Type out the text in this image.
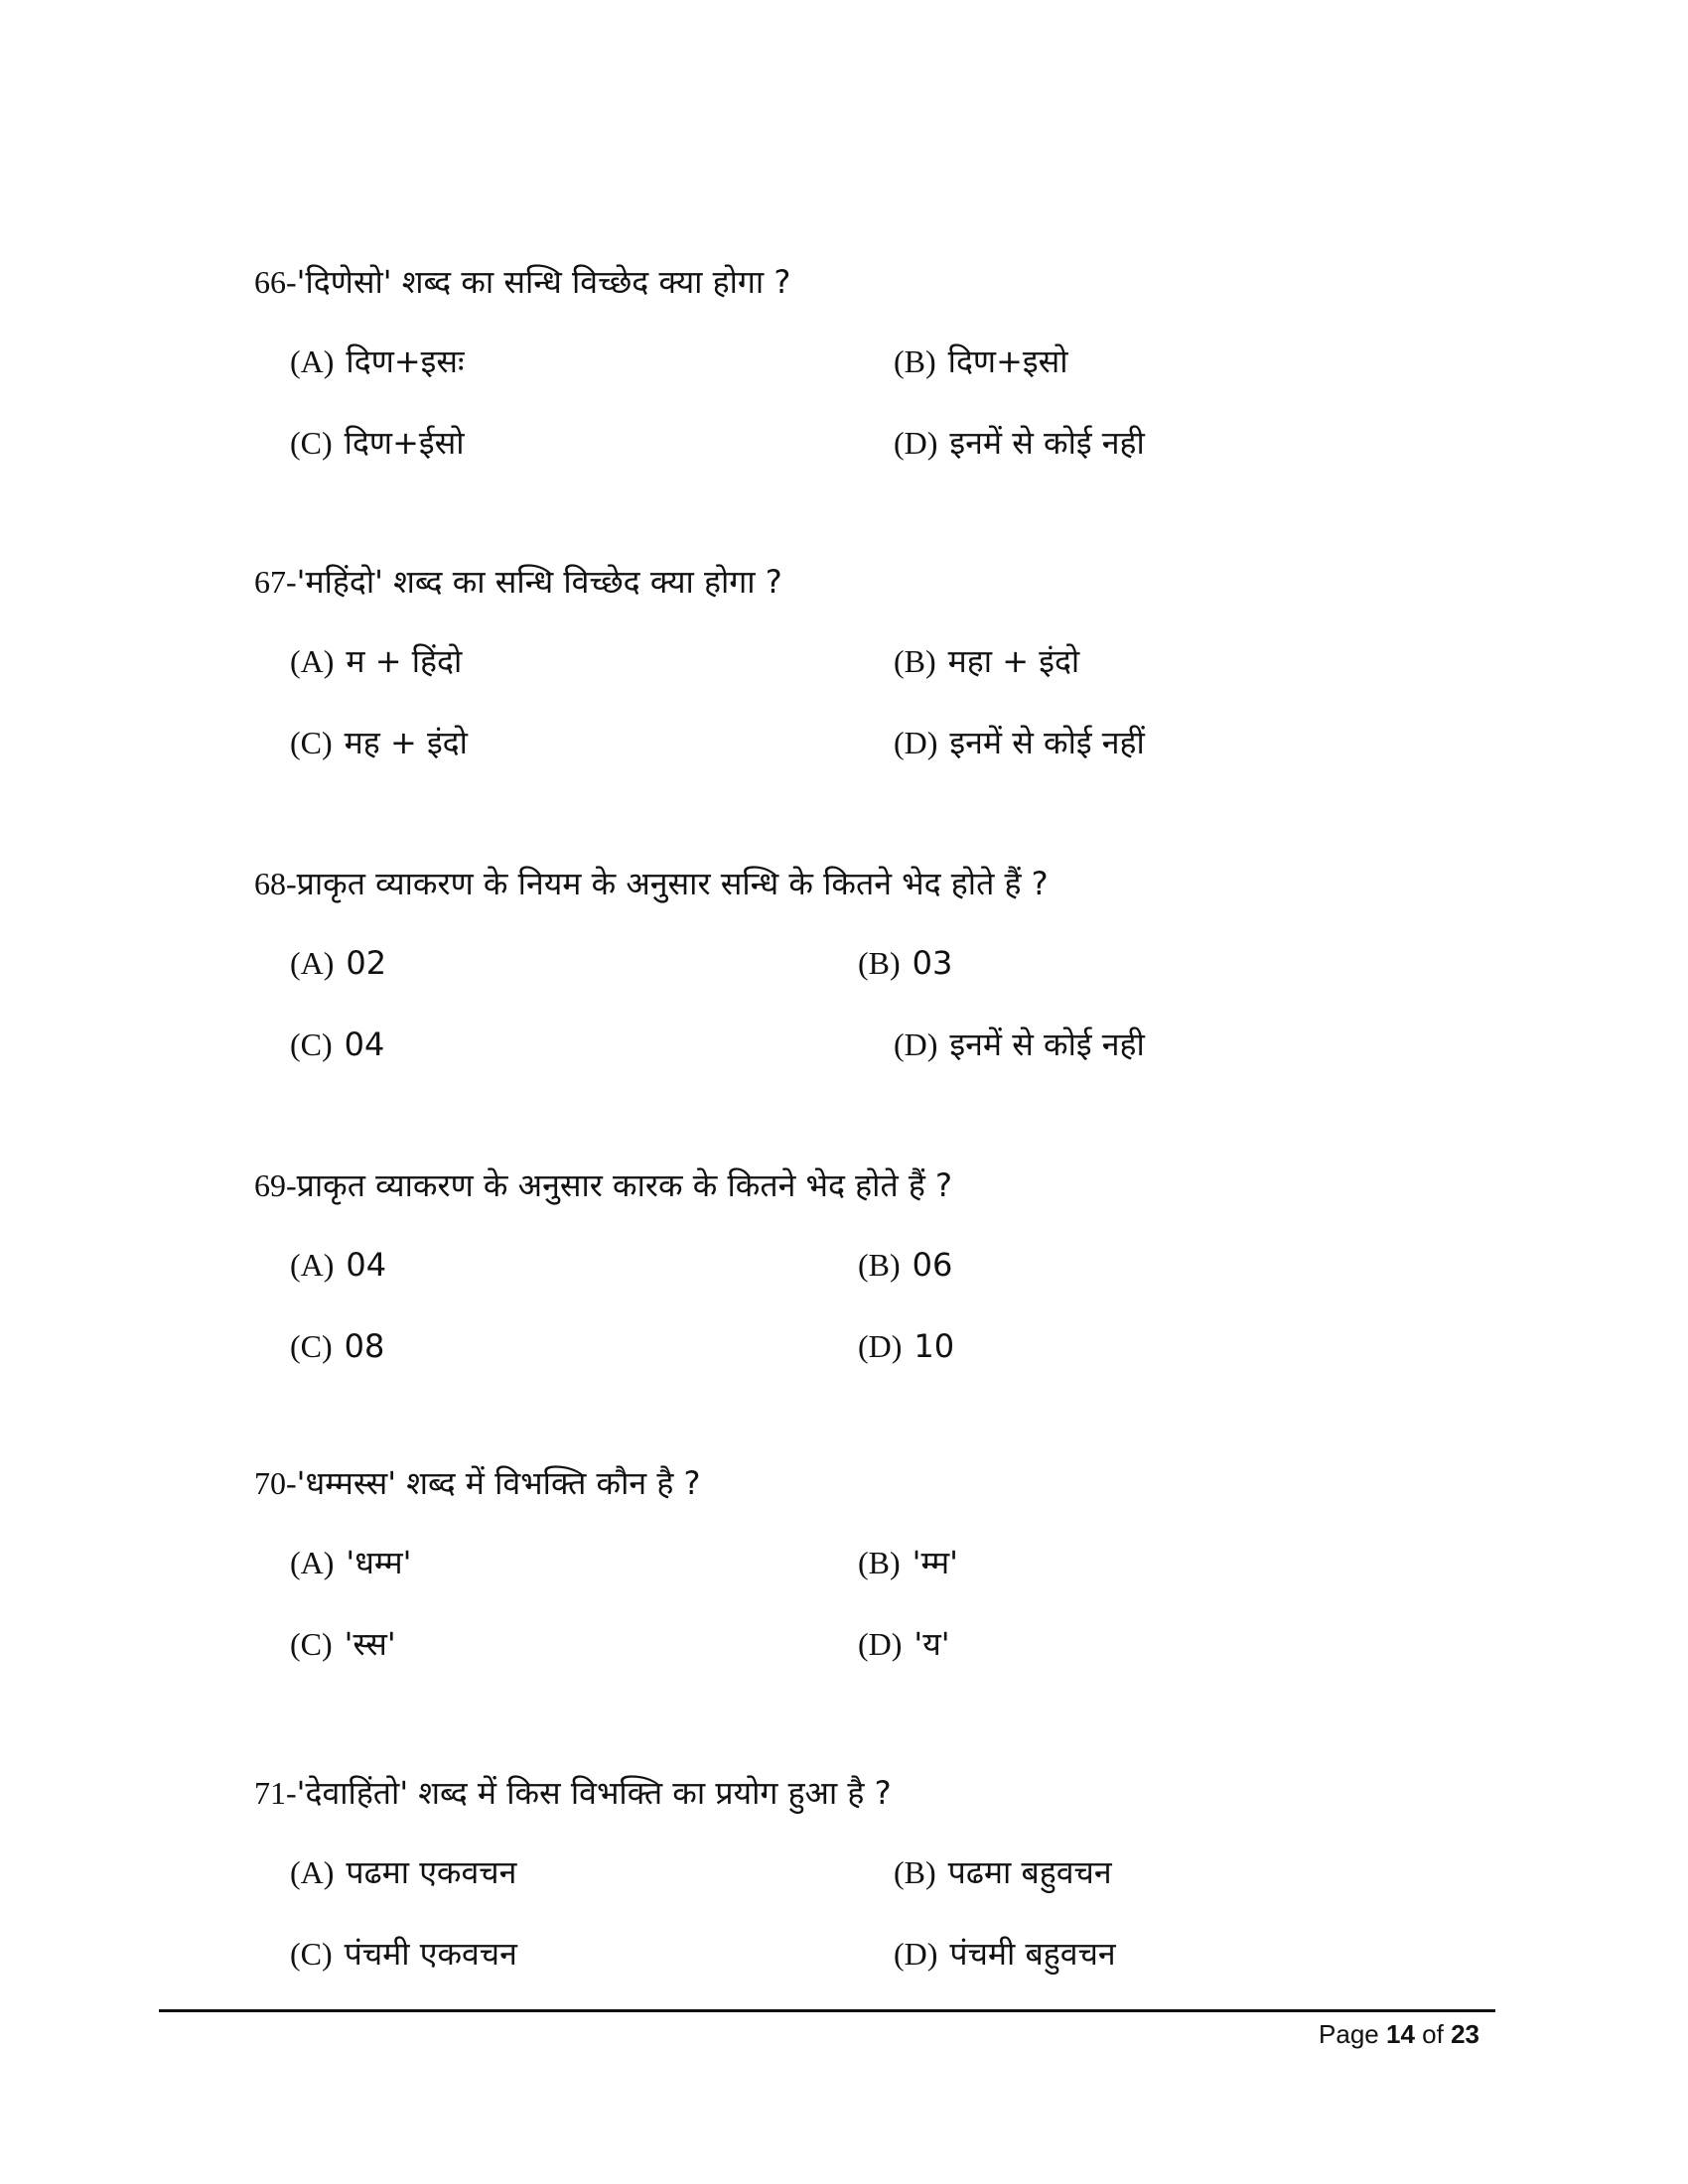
66-'दिणेसो' शब्द का सन्धि विच्छेद क्या होगा ?
(A) दिण+इसः	(B) दिण+इसो
(C) दिण+ईसो	(D) इनमें से कोई नही
67-'महिंदो' शब्द का सन्धि विच्छेद क्या होगा ?
(A) म + हिंदो	(B) महा + इंदो
(C) मह + इंदो	(D) इनमें से कोई नहीं
68-प्राकृत व्याकरण के नियम के अनुसार सन्धि के कितने भेद होते हैं ?
(A) 02	(B) 03
(C) 04	(D) इनमें से कोई नही
69-प्राकृत व्याकरण के अनुसार कारक के कितने भेद होते हैं ?
(A) 04	(B) 06
(C) 08	(D) 10
70-'धम्मस्स' शब्द में विभक्ति कौन है ?
(A) 'धम्म'	(B) 'म्म'
(C) 'स्स'	(D) 'य'
71-'देवाहिंतो' शब्द में किस विभक्ति का प्रयोग हुआ है ?
(A) पढमा एकवचन	(B) पढमा बहुवचन
(C) पंचमी एकवचन	(D) पंचमी बहुवचन
Page 14 of 23
